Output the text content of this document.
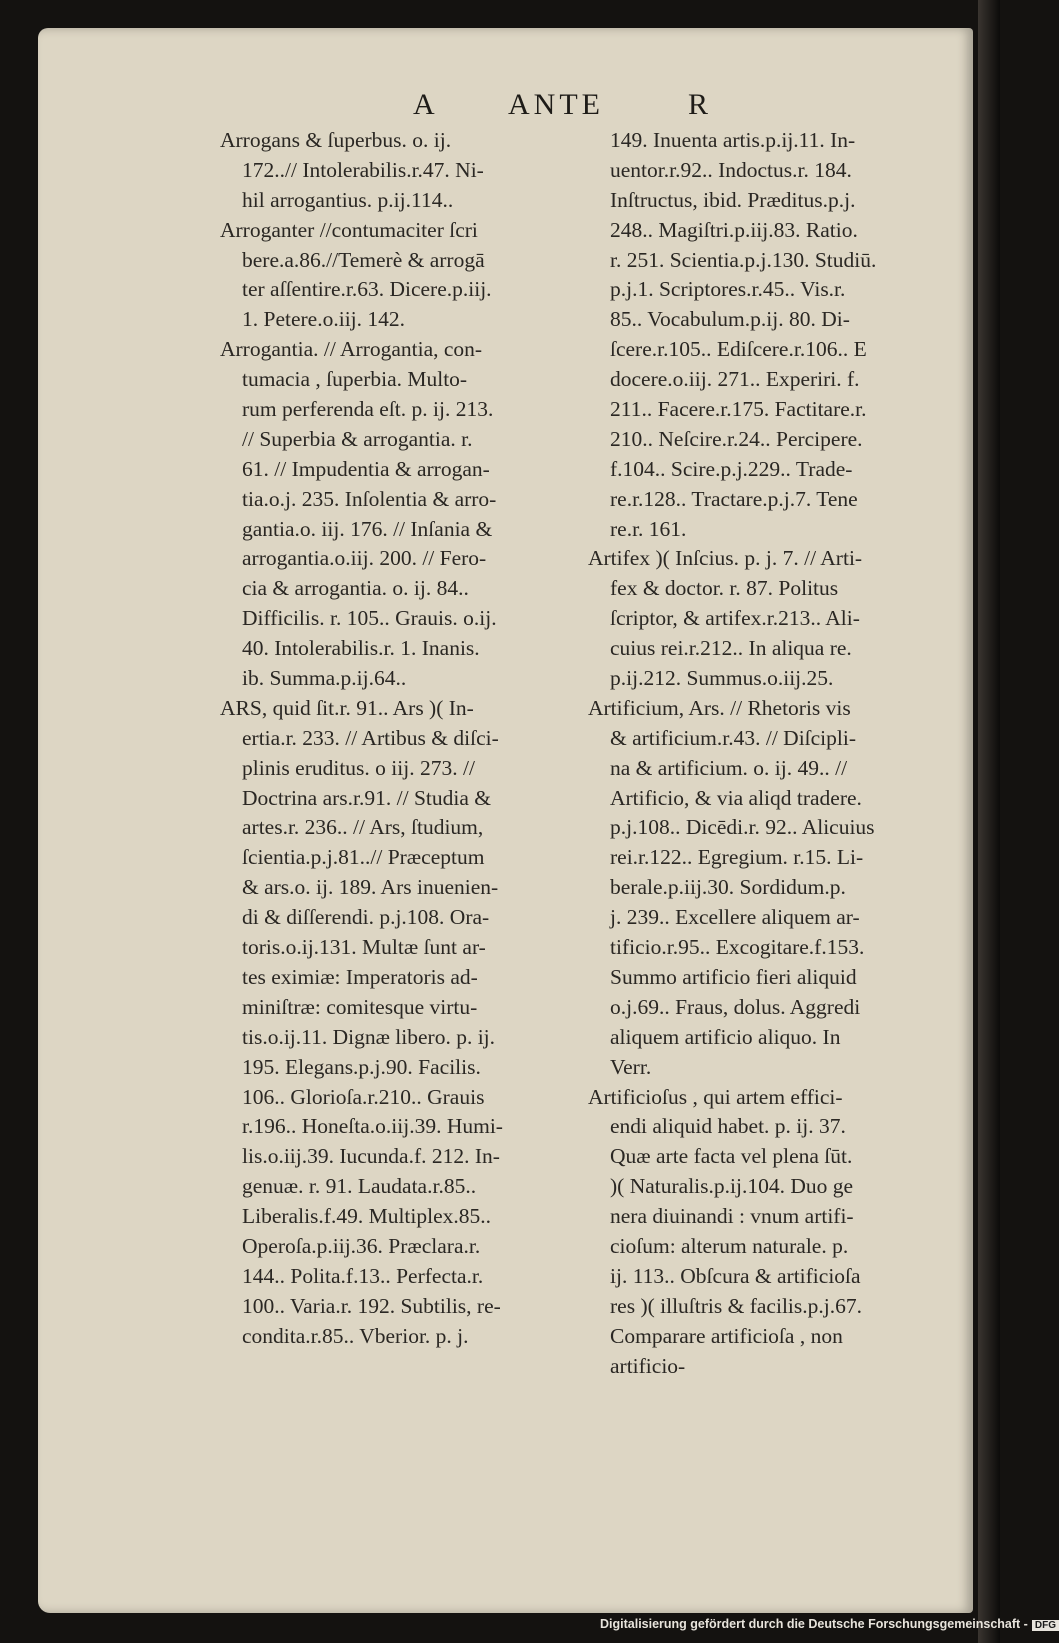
A ANTE	R
Arrogans & ſuperbus. o. ij.
172..// Intolerabilis.r.47. Ni-
hil arrogantius. p.ij.114..
Arroganter //contumaciter ſcri
bere.a.86.//Temerè & arrogā
ter aſſentire.r.63. Dicere.p.iij.
1. Petere.o.iij. 142.
Arrogantia. // Arrogantia, con-
tumacia , ſuperbia. Multo-
rum perferenda eſt. p. ij. 213.
// Superbia & arrogantia. r.
61. // Impudentia & arrogan-
tia.o.j. 235. Inſolentia & arro-
gantia.o. iij. 176. // Inſania &
arrogantia.o.iij. 200. // Fero-
cia & arrogantia. o. ij. 84..
Difficilis. r. 105.. Grauis. o.ij.
40. Intolerabilis.r. 1. Inanis.
ib. Summa.p.ij.64..
ARS, quid ſit.r. 91.. Ars )( In-
ertia.r. 233. // Artibus & diſci-
plinis eruditus. o iij. 273. //
Doctrina ars.r.91. // Studia &
artes.r. 236.. // Ars, ſtudium,
ſcientia.p.j.81..// Præceptum
& ars.o. ij. 189. Ars inuenien-
di & diſſerendi. p.j.108. Ora-
toris.o.ij.131. Multæ ſunt ar-
tes eximiæ: Imperatoris ad-
miniſtræ: comitesque virtu-
tis.o.ij.11. Dignæ libero. p. ij.
195. Elegans.p.j.90. Facilis.
106.. Glorioſa.r.210.. Grauis
r.196.. Honeſta.o.iij.39. Humi-
lis.o.iij.39. Iucunda.f. 212. In-
genuæ. r. 91. Laudata.r.85..
Liberalis.f.49. Multiplex.85..
Operoſa.p.iij.36. Præclara.r.
144.. Polita.f.13.. Perfecta.r.
100.. Varia.r. 192. Subtilis, re-
condita.r.85.. Vberior. p. j.
149. Inuenta artis.p.ij.11. In-
uentor.r.92.. Indoctus.r. 184.
Inſtructus, ibid. Præditus.p.j.
248.. Magiſtri.p.iij.83. Ratio.
r. 251. Scientia.p.j.130. Studiū.
p.j.1. Scriptores.r.45.. Vis.r.
85.. Vocabulum.p.ij. 80. Di-
ſcere.r.105.. Ediſcere.r.106.. E
docere.o.iij. 271.. Experiri. f.
211.. Facere.r.175. Factitare.r.
210.. Neſcire.r.24.. Percipere.
f.104.. Scire.p.j.229.. Trade-
re.r.128.. Tractare.p.j.7. Tene
re.r. 161.
Artifex )( Inſcius. p. j. 7. // Arti-
fex & doctor. r. 87. Politus
ſcriptor, & artifex.r.213.. Ali-
cuius rei.r.212.. In aliqua re.
p.ij.212. Summus.o.iij.25.
Artificium, Ars. // Rhetoris vis
& artificium.r.43. // Diſcipli-
na & artificium. o. ij. 49.. //
Artificio, & via aliqd tradere.
p.j.108.. Dicēdi.r. 92.. Alicuius
rei.r.122.. Egregium. r.15. Li-
berale.p.iij.30. Sordidum.p.
j. 239.. Excellere aliquem ar-
tificio.r.95.. Excogitare.f.153.
Summo artificio fieri aliquid
o.j.69.. Fraus, dolus. Aggredi
aliquem artificio aliquo. In
Verr.
Artificioſus , qui artem effici-
endi aliquid habet. p. ij. 37.
Quæ arte facta vel plena ſūt.
)( Naturalis.p.ij.104. Duo ge
nera diuinandi : vnum artifi-
cioſum: alterum naturale. p.
ij. 113.. Obſcura & artificioſa
res )( illuſtris & facilis.p.j.67.
Comparare artificioſa , non
artificio-
Digitalisierung gefördert durch die Deutsche Forschungsgemeinschaft - DFG
